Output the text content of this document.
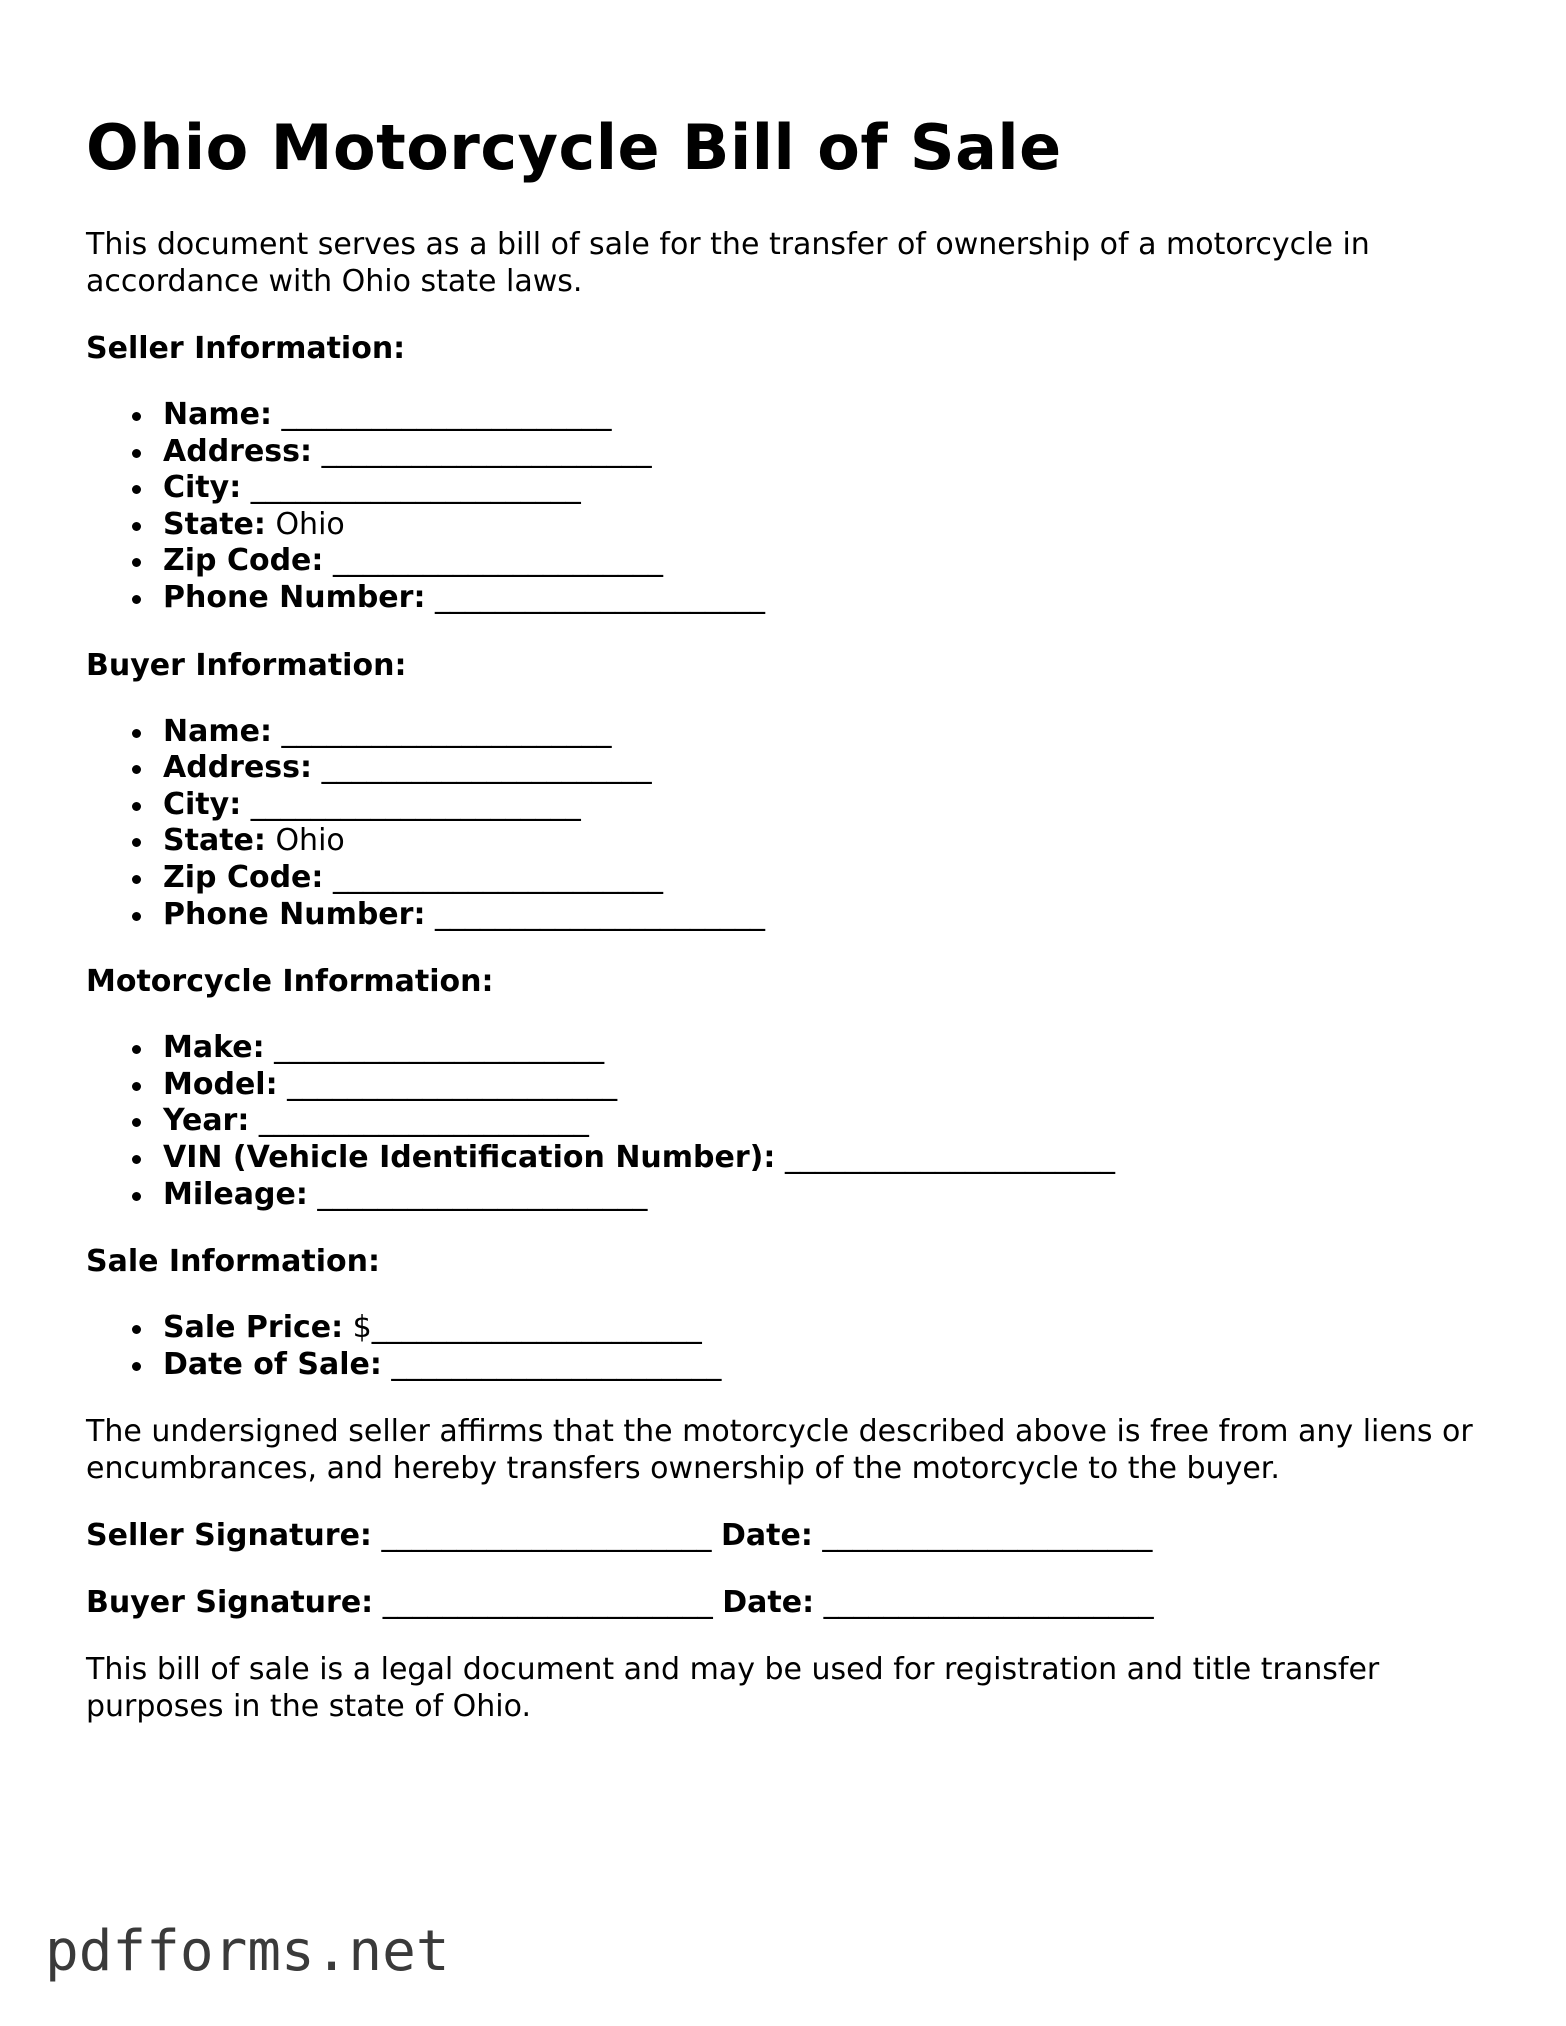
Ohio Motorcycle Bill of Sale

This document serves as a bill of sale for the transfer of ownership of a motorcycle in accordance with Ohio state laws.

Seller Information:

Name: ______________________
Address: ______________________
City: ______________________
State: Ohio
Zip Code: ______________________
Phone Number: ______________________

Buyer Information:

Name: ______________________
Address: ______________________
City: ______________________
State: Ohio
Zip Code: ______________________
Phone Number: ______________________

Motorcycle Information:

Make: ______________________
Model: ______________________
Year: ______________________
VIN (Vehicle Identification Number): ______________________
Mileage: ______________________

Sale Information:

Sale Price: $______________________
Date of Sale: ______________________

The undersigned seller affirms that the motorcycle described above is free from any liens or encumbrances, and hereby transfers ownership of the motorcycle to the buyer.

Seller Signature: ______________________ Date: ______________________

Buyer Signature: ______________________ Date: ______________________

This bill of sale is a legal document and may be used for registration and title transfer purposes in the state of Ohio.

pdfforms.net
